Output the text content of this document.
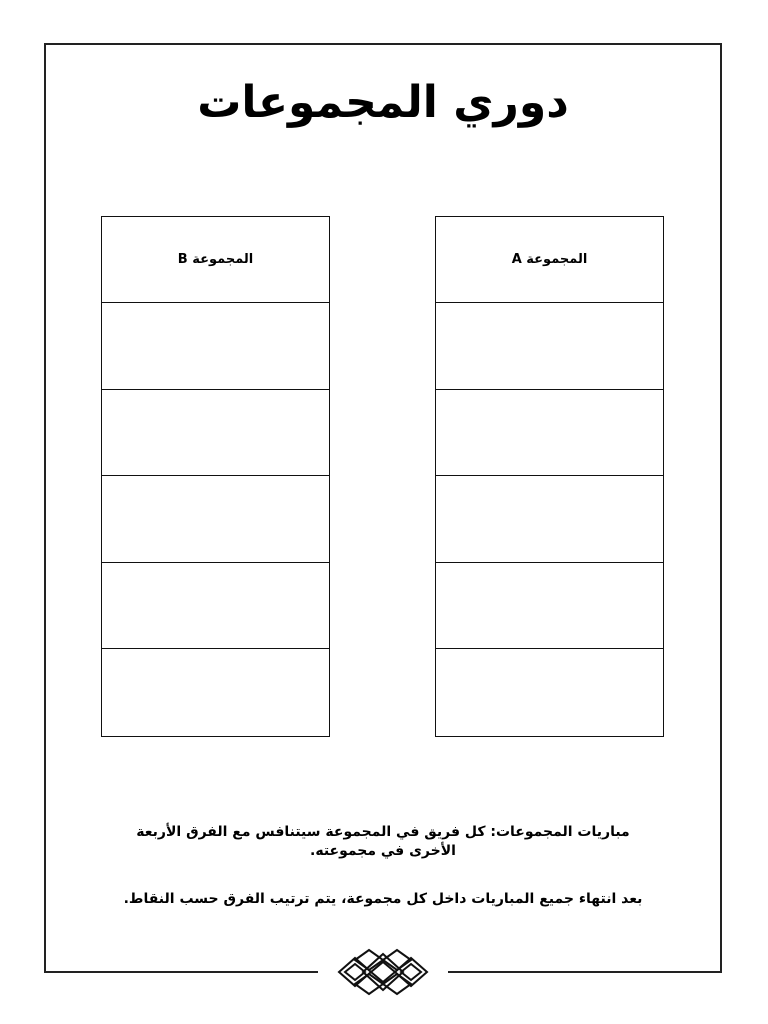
دوري المجموعات
المجموعة A
المجموعة B
مباريات المجموعات: كل فريق في المجموعة سيتنافس مع الفرق الأربعة الأخرى في مجموعته.
بعد انتهاء جميع المباريات داخل كل مجموعة، يتم ترتيب الفرق حسب النقاط.
